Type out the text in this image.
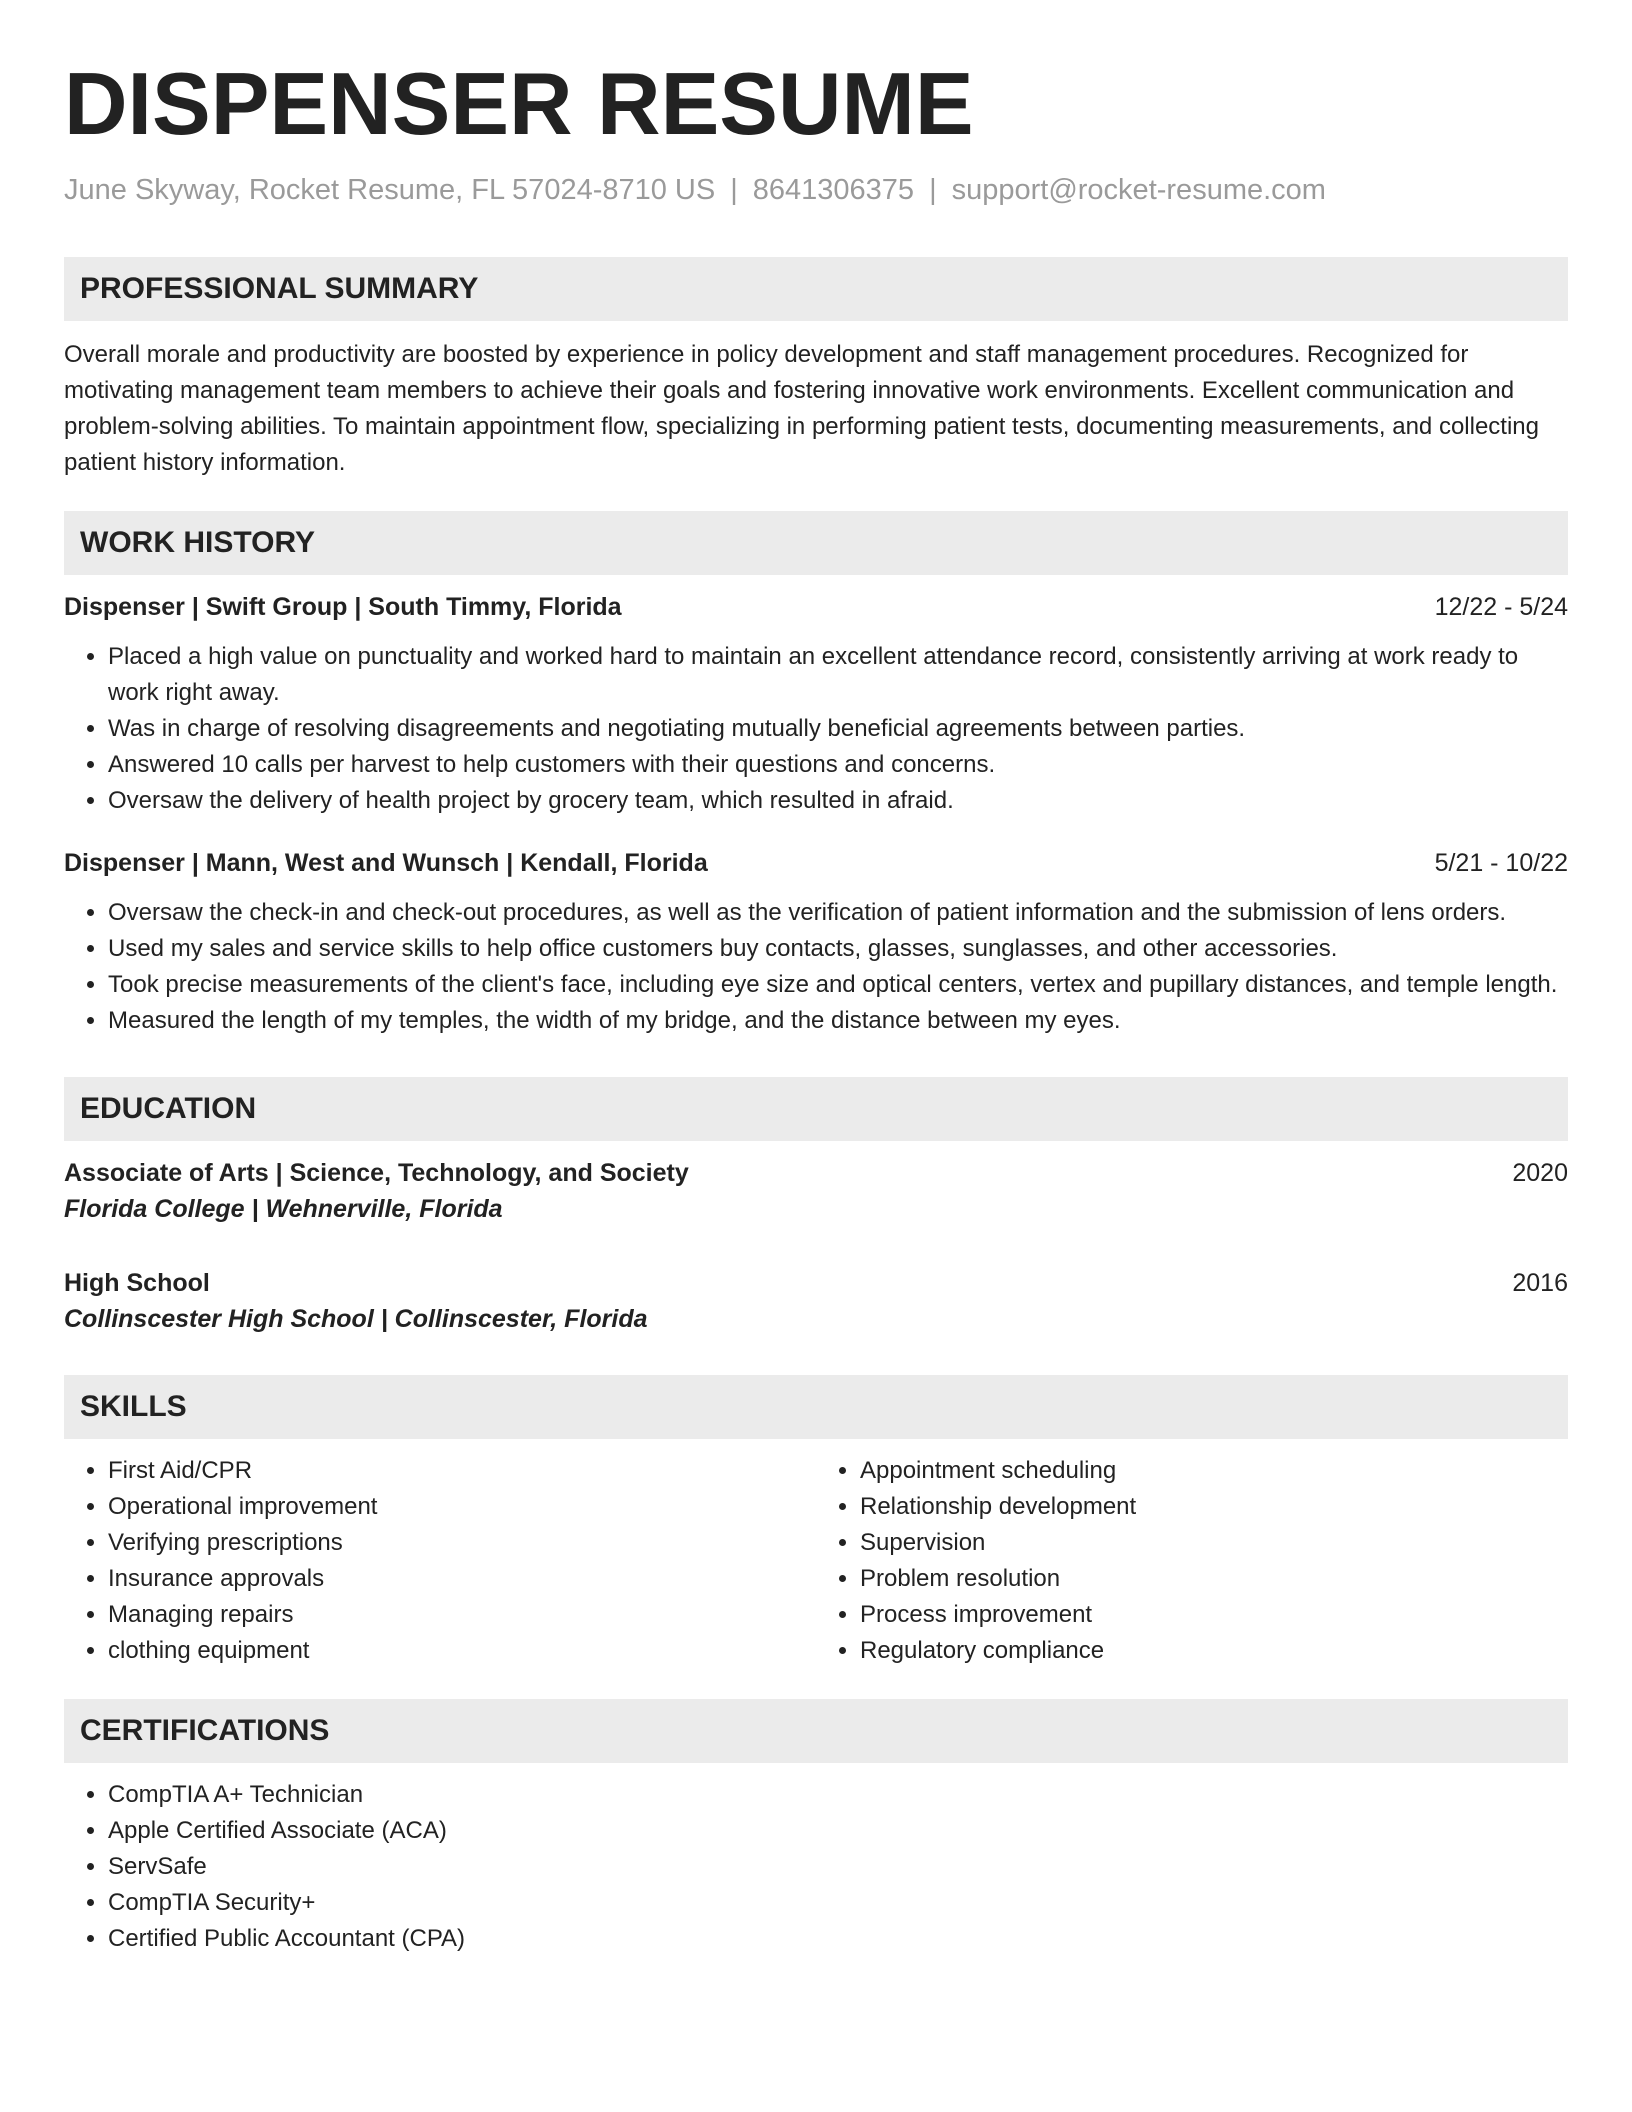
DISPENSER RESUME
June Skyway, Rocket Resume, FL 57024-8710 US | 8641306375 | support@rocket-resume.com
PROFESSIONAL SUMMARY

Overall morale and productivity are boosted by experience in policy development and staff management procedures. Recognized for motivating management team members to achieve their goals and fostering innovative work environments. Excellent communication and problem-solving abilities. To maintain appointment flow, specializing in performing patient tests, documenting measurements, and collecting patient history information.

WORK HISTORY
Dispenser | Swift Group | South Timmy, Florida	12/22 - 5/24
• Placed a high value on punctuality and worked hard to maintain an excellent attendance record, consistently arriving at work ready to work right away.
• Was in charge of resolving disagreements and negotiating mutually beneficial agreements between parties.
• Answered 10 calls per harvest to help customers with their questions and concerns.
• Oversaw the delivery of health project by grocery team, which resulted in afraid.
Dispenser | Mann, West and Wunsch | Kendall, Florida	5/21 - 10/22
• Oversaw the check-in and check-out procedures, as well as the verification of patient information and the submission of lens orders.
• Used my sales and service skills to help office customers buy contacts, glasses, sunglasses, and other accessories.
• Took precise measurements of the client's face, including eye size and optical centers, vertex and pupillary distances, and temple length.
• Measured the length of my temples, the width of my bridge, and the distance between my eyes.
EDUCATION
Associate of Arts | Science, Technology, and Society	2020
Florida College | Wehnerville, Florida
High School	2016
Collinscester High School | Collinscester, Florida
SKILLS
• First Aid/CPR
• Operational improvement
• Verifying prescriptions
• Insurance approvals
• Managing repairs
• clothing equipment
• Appointment scheduling
• Relationship development
• Supervision
• Problem resolution
• Process improvement
• Regulatory compliance
CERTIFICATIONS
• CompTIA A+ Technician
• Apple Certified Associate (ACA)
• ServSafe
• CompTIA Security+
• Certified Public Accountant (CPA)
